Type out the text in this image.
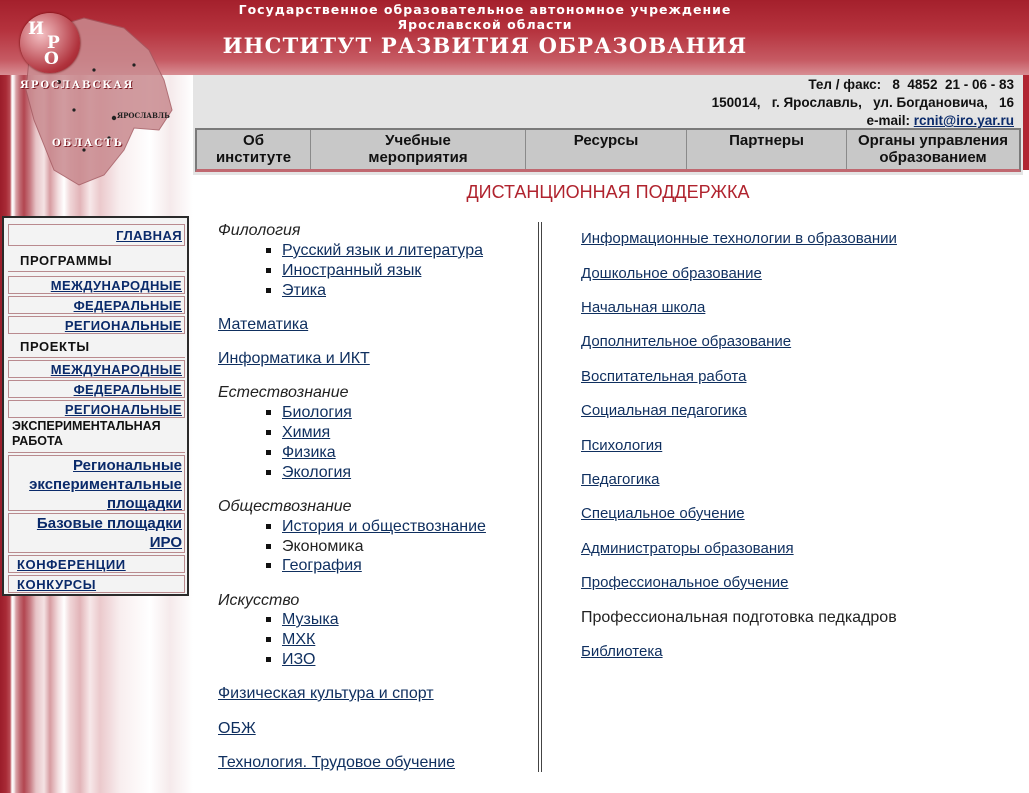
И
Р
О
ЯРОСЛАВСКАЯ
ЯРОСЛАВЛЬ
ОБЛАСТЬ
Государственное образовательное автономное учреждение
Ярославской области
ИНСТИТУТ РАЗВИТИЯ ОБРАЗОВАНИЯ
Тел / факс:   8  4852  21 - 06 - 83
150014,   г. Ярославль,   ул. Богдановича,   16
e-mail: rcnit@iro.yar.ru
Об институте
Учебные мероприятия
Ресурсы	Партнеры	Органы управления образованием
ДИСТАНЦИОННАЯ ПОДДЕРЖКА
ГЛАВНАЯ
ПРОГРАММЫ
МЕЖДУНАРОДНЫЕ
ФЕДЕРАЛЬНЫЕ
РЕГИОНАЛЬНЫЕ
ПРОЕКТЫ
МЕЖДУНАРОДНЫЕ
ФЕДЕРАЛЬНЫЕ
РЕГИОНАЛЬНЫЕ
ЭКСПЕРИМЕНТАЛЬНАЯ
РАБОТА
Региональные
экспериментальные
площадки
Базовые площадки
ИРО
КОНФЕРЕНЦИИ
КОНКУРСЫ
Филология
Русский язык и литература
Иностранный язык
Этика
Математика
Информатика и ИКТ
Естествознание
Биология
Химия
Физика
Экология
Обществознание
История и обществознание
Экономика
География
Искусство
Музыка
МХК
ИЗО
Физическая культура и спорт
ОБЖ
Технология. Трудовое обучение
Информационные технологии в образовании
Дошкольное образование
Начальная школа
Дополнительное образование
Воспитательная работа
Социальная педагогика
Психология
Педагогика
Специальное обучение
Администраторы образования
Профессиональное обучение
Профессиональная подготовка педкадров
Библиотека
